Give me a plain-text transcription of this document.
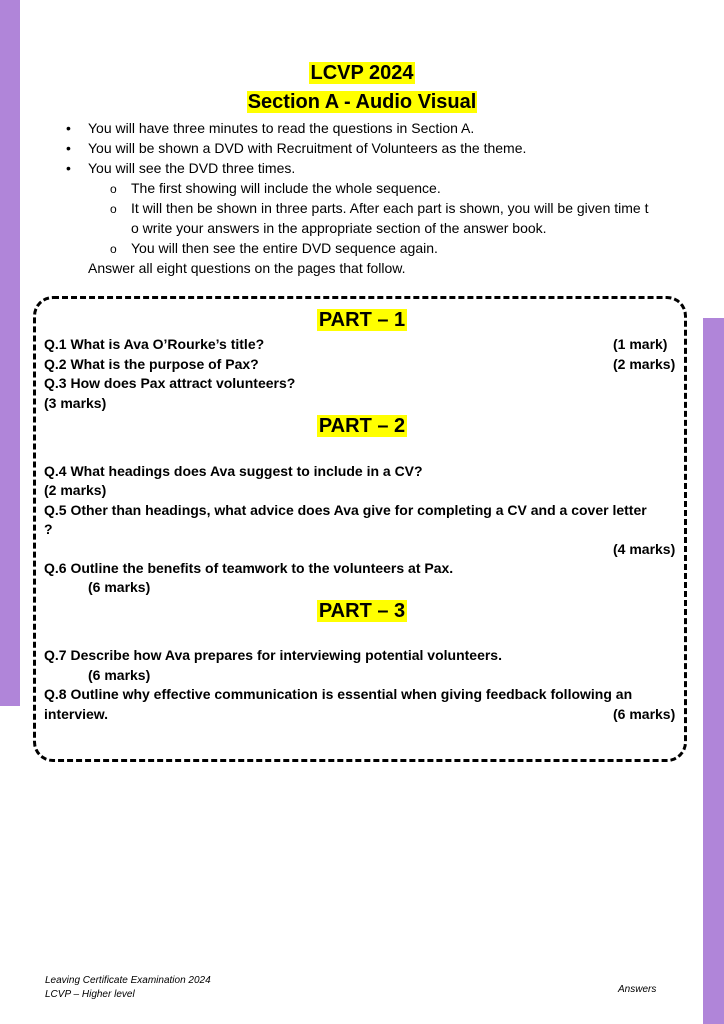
LCVP 2024
Section A - Audio Visual
• You will have three minutes to read the questions in Section A.
• You will be shown a DVD with Recruitment of Volunteers as the theme.
• You will see the DVD three times.
o The first showing will include the whole sequence.
o It will then be shown in three parts. After each part is shown, you will be given time t
o write your answers in the appropriate section of the answer book.
o You will then see the entire DVD sequence again.
Answer all eight questions on the pages that follow.
PART – 1
Q.1 What is Ava O’Rourke’s title?	(1 mark)
Q.2 What is the purpose of Pax?	(2 marks)
Q.3 How does Pax attract volunteers?
(3 marks)
PART – 2
Q.4 What headings does Ava suggest to include in a CV?
(2 marks)
Q.5 Other than headings, what advice does Ava give for completing a CV and a cover letter
?
(4 marks)
Q.6 Outline the benefits of teamwork to the volunteers at Pax.
(6 marks)
PART – 3
Q.7 Describe how Ava prepares for interviewing potential volunteers.
(6 marks)
Q.8 Outline why effective communication is essential when giving feedback following an
interview.	(6 marks)
Leaving Certificate Examination 2024
LCVP – Higher level	Answers
